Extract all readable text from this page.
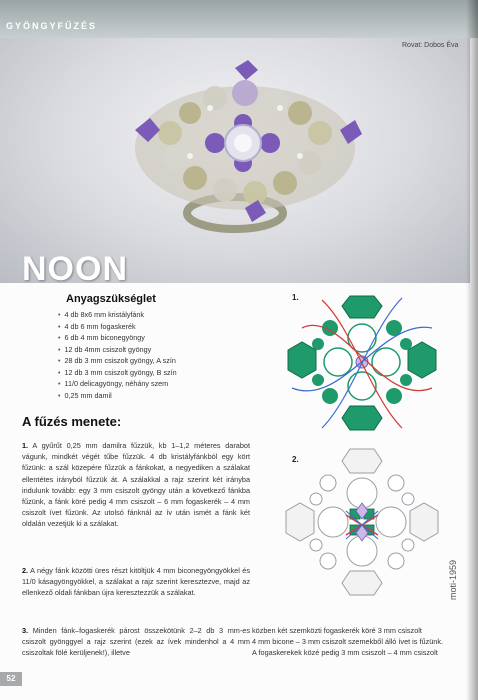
GYÖNGYFŰZÉS
NOON
Rovat: Dobos Éva
Anyagszükséglet
• 4 db 8x6 mm kristályfánk
• 4 db 6 mm fogaskerék
• 6 db 4 mm biconegyöngy
• 12 db 4mm csiszolt gyöngy
• 28 db 3 mm csiszolt gyöngy, A szín
• 12 db 3 mm csiszolt gyöngy, B szín
• 11/0 delicagyöngy, néhány szem
• 0,25 mm damil
1.
2.
A fűzés menete:

1. A gyűrűt 0,25 mm damilra fűzzük, kb 1–1,2 méteres darabot vágunk, mindkét végét tűbe fűzzük. 4 db kristályfánkból egy kört fűzünk: a szál közepére fűzzük a fánkokat, a negyediken a szálakat ellentétes irányból fűzzük át. A szálakkal a rajz szerint két irányba indulunk tovább: egy 3 mm csiszolt gyöngy után a következő fánkba fűzünk, a fánk köré pedig 4 mm csiszolt – 6 mm fogaskerék – 4 mm csiszolt ívet fűzünk. Az utolsó fánknál az ív után ismét a fánk két oldalán vezetjük ki a szálakat.

2. A négy fánk közötti üres részt kitöltjük 4 mm biconegyöngyökkel és 11/0 kásagyöngyökkel, a szálakat a rajz szerint keresztezve, majd az ellenkező oldali fánkban újra keresztezzük a szálakat.

3. Minden fánk–fogaskerék párost összekötünk 2–2 db 3 mm-es csiszolt gyönggyel a rajz szerint (ezek az ívek mindenhol a 4 mm csiszoltak fölé kerüljenek!), illetve

közben két szemközti fogaskerék köré 3 mm csiszolt
4 mm bicone – 3 mm csiszolt szemekből álló ívet is fűzünk.
A fogaskerekek közé pedig 3 mm csiszolt – 4 mm csiszolt

52
moti-1959
